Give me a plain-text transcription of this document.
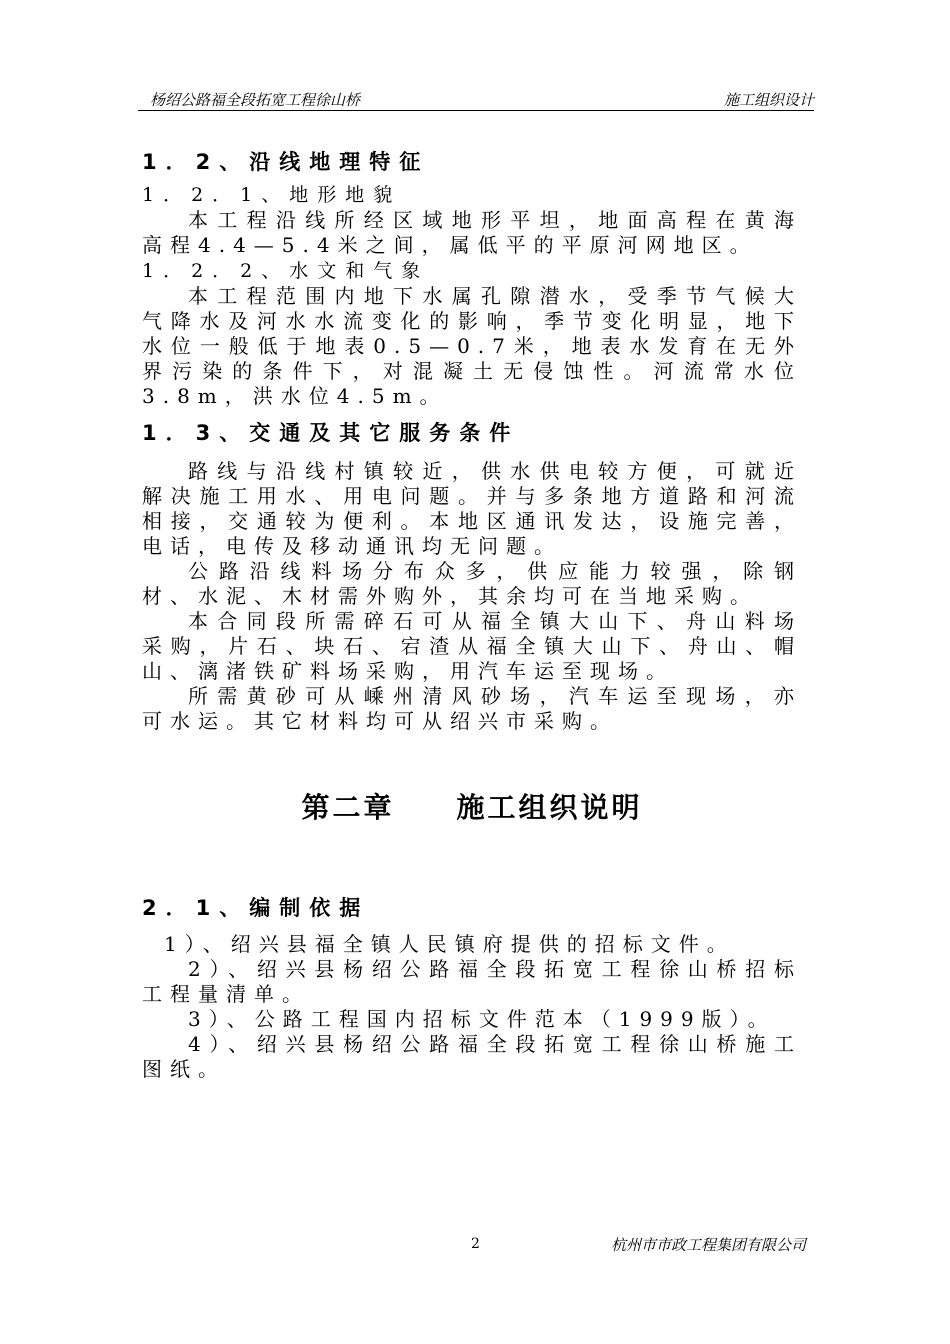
杨绍公路福全段拓宽工程徐山桥	施工组织设计

1．2、沿线地理特征

1．2．1、地形地貌

本工程沿线所经区域地形平坦，地面高程在黄海高程4.4—5.4米之间，属低平的平原河网地区。

1．2．2、水文和气象

本工程范围内地下水属孔隙潜水，受季节气候大气降水及河水水流变化的影响，季节变化明显，地下水位一般低于地表0.5—0.7米，地表水发育在无外界污染的条件下，对混凝土无侵蚀性。河流常水位3.8m，洪水位4.5m。

1．3、交通及其它服务条件

路线与沿线村镇较近，供水供电较方便，可就近解决施工用水、用电问题。并与多条地方道路和河流相接，交通较为便利。本地区通讯发达，设施完善，电话，电传及移动通讯均无问题。

公路沿线料场分布众多，供应能力较强，除钢材、水泥、木材需外购外，其余均可在当地采购。

本合同段所需碎石可从福全镇大山下、舟山料场采购，片石、块石、宕渣从福全镇大山下、舟山、帽山、漓渚铁矿料场采购，用汽车运至现场。

所需黄砂可从嵊州清风砂场，汽车运至现场，亦可水运。其它材料均可从绍兴市采购。

第二章 施工组织说明

2．1、编制依据

1）、绍兴县福全镇人民镇府提供的招标文件。

2）、绍兴县杨绍公路福全段拓宽工程徐山桥招标工程量清单。

3）、公路工程国内招标文件范本（1999版）。

4）、绍兴县杨绍公路福全段拓宽工程徐山桥施工图纸。

2	杭州市市政工程集团有限公司
